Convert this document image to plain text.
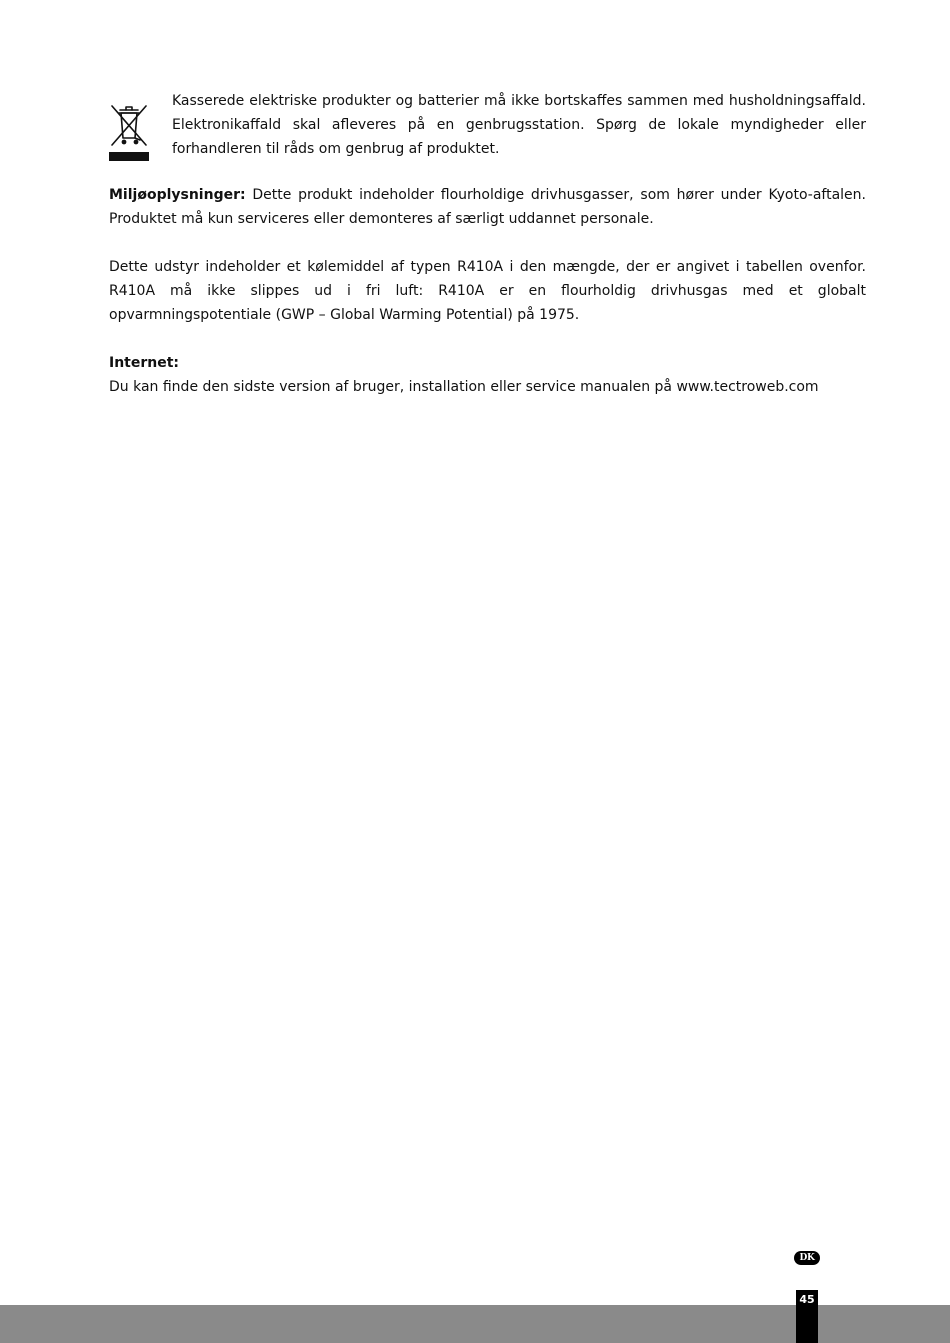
Kasserede elektriske produkter og batterier må ikke bortskaffes sammen med husholdningsaffald. Elektronikaffald skal afleveres på en genbrugsstation. Spørg de lokale myndigheder eller forhandleren til råds om genbrug af produktet.

Miljøoplysninger: Dette produkt indeholder flourholdige drivhusgasser, som hører under Kyoto-aftalen. Produktet må kun serviceres eller demonteres af særligt uddannet personale.

Dette udstyr indeholder et kølemiddel af typen R410A i den mængde, der er angivet i tabellen ovenfor. R410A må ikke slippes ud i fri luft: R410A er en flourholdig drivhusgas med et globalt opvarmningspotentiale (GWP – Global Warming Potential) på 1975.

Internet:
Du kan finde den sidste version af bruger, installation eller service manualen på www.tectroweb.com
DK
45
